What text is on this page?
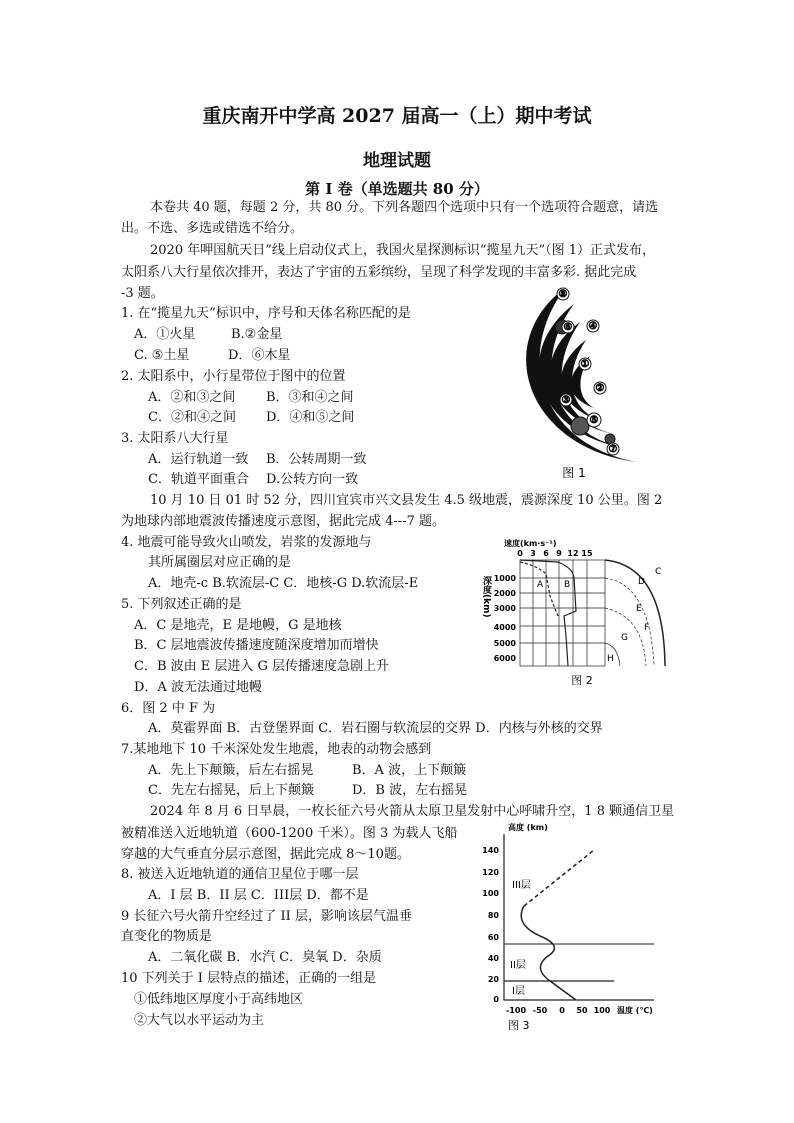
重庆南开中学高 2027 届高一（上）期中考试
地理试题
第 I 卷（单选题共 80 分）
本卷共 40 题，每题 2 分，共 80 分。下列各题四个选项中只有一个选项符合题意，请选
出。不选、多选或错选不给分。
2020 年呷国航天日”线上启动仪式上，我国火星探测标识“揽星九天”（图 1）正式发布，
太阳系八大行星依次排开，表达了宇宙的五彩缤纷，呈现了科学发现的丰富多彩. 据此完成
-3 题。
1. 在“揽星九天”标识中，序号和天体名称匹配的是
A．①火星	B.②金星
C. ⑤土星	D．⑥木星
2. 太阳系中，小行星带位于图中的位置
A．②和③之间 B．③和④之间
C．②和④之间 D．④和⑤之间
3. 太阳系八大行星
A．运行轨道一致 B．公转周期一致
C．轨道平面重合 D.公转方向一致
⑥
⑧
④
①
②
③
⑤
⑦
图 1
10 月 10 日 01 时 52 分，四川宜宾市兴文县发生 4.5 级地震，震源深度 10 公里。图 2
为地球内部地震波传播速度示意图，据此完成 4---7 题。
4. 地震可能导致火山喷发，岩浆的发源地与
其所属圈层对应正确的是
A．地壳-c B.软流层-C C．地核-G D.软流层-E
5. 下列叙述正确的是
A．C 是地壳，E 是地幔，G 是地核
B．C 层地震波传播速度随深度增加而增快
C．B 波由 E 层进入 G 层传播速度急剧上升
D．A 波无法通过地幔
速度(km·s⁻¹)
0 3 6 9 12 15
深度(km) 1000
2000
3000
4000
5000
6000
A B
C
D
E
F
G
H
图 2
6．图 2 中 F 为
A．莫霍界面 B．古登堡界面 C．岩石圈与软流层的交界 D．内核与外核的交界
7.某地地下 10 千米深处发生地震，地表的动物会感到
A．先上下颠簸，后左右摇晃	B．A 波，上下颠簸
C．先左右摇晃，后上下颠簸	D．B 波，左右摇晃
2024 年 8 月 6 日早晨，一枚长征六号火箭从太原卫星发射中心呼啸升空，1 8 颗通信卫星
被精准送入近地轨道（600-1200 千米）。图 3 为载人飞船
穿越的大气垂直分层示意图，据此完成 8～10题。
8. 被送入近地轨道的通信卫星位于哪一层
A．I 层 B．II 层 C．III层 D．都不是
9 长征六号火箭升空经过了 II 层，影响该层气温垂
直变化的物质是
A．二氧化碳 B．水汽 C．臭氧 D．杂质
10 下列关于 I 层特点的描述，正确的一组是
①低纬地区厚度小于高纬地区
②大气以水平运动为主
高度 (km)
140
120
100
80
60
40
20
0
III层
II层
I层
-100 -50 0 50 100 温度 (℃)
图 3
